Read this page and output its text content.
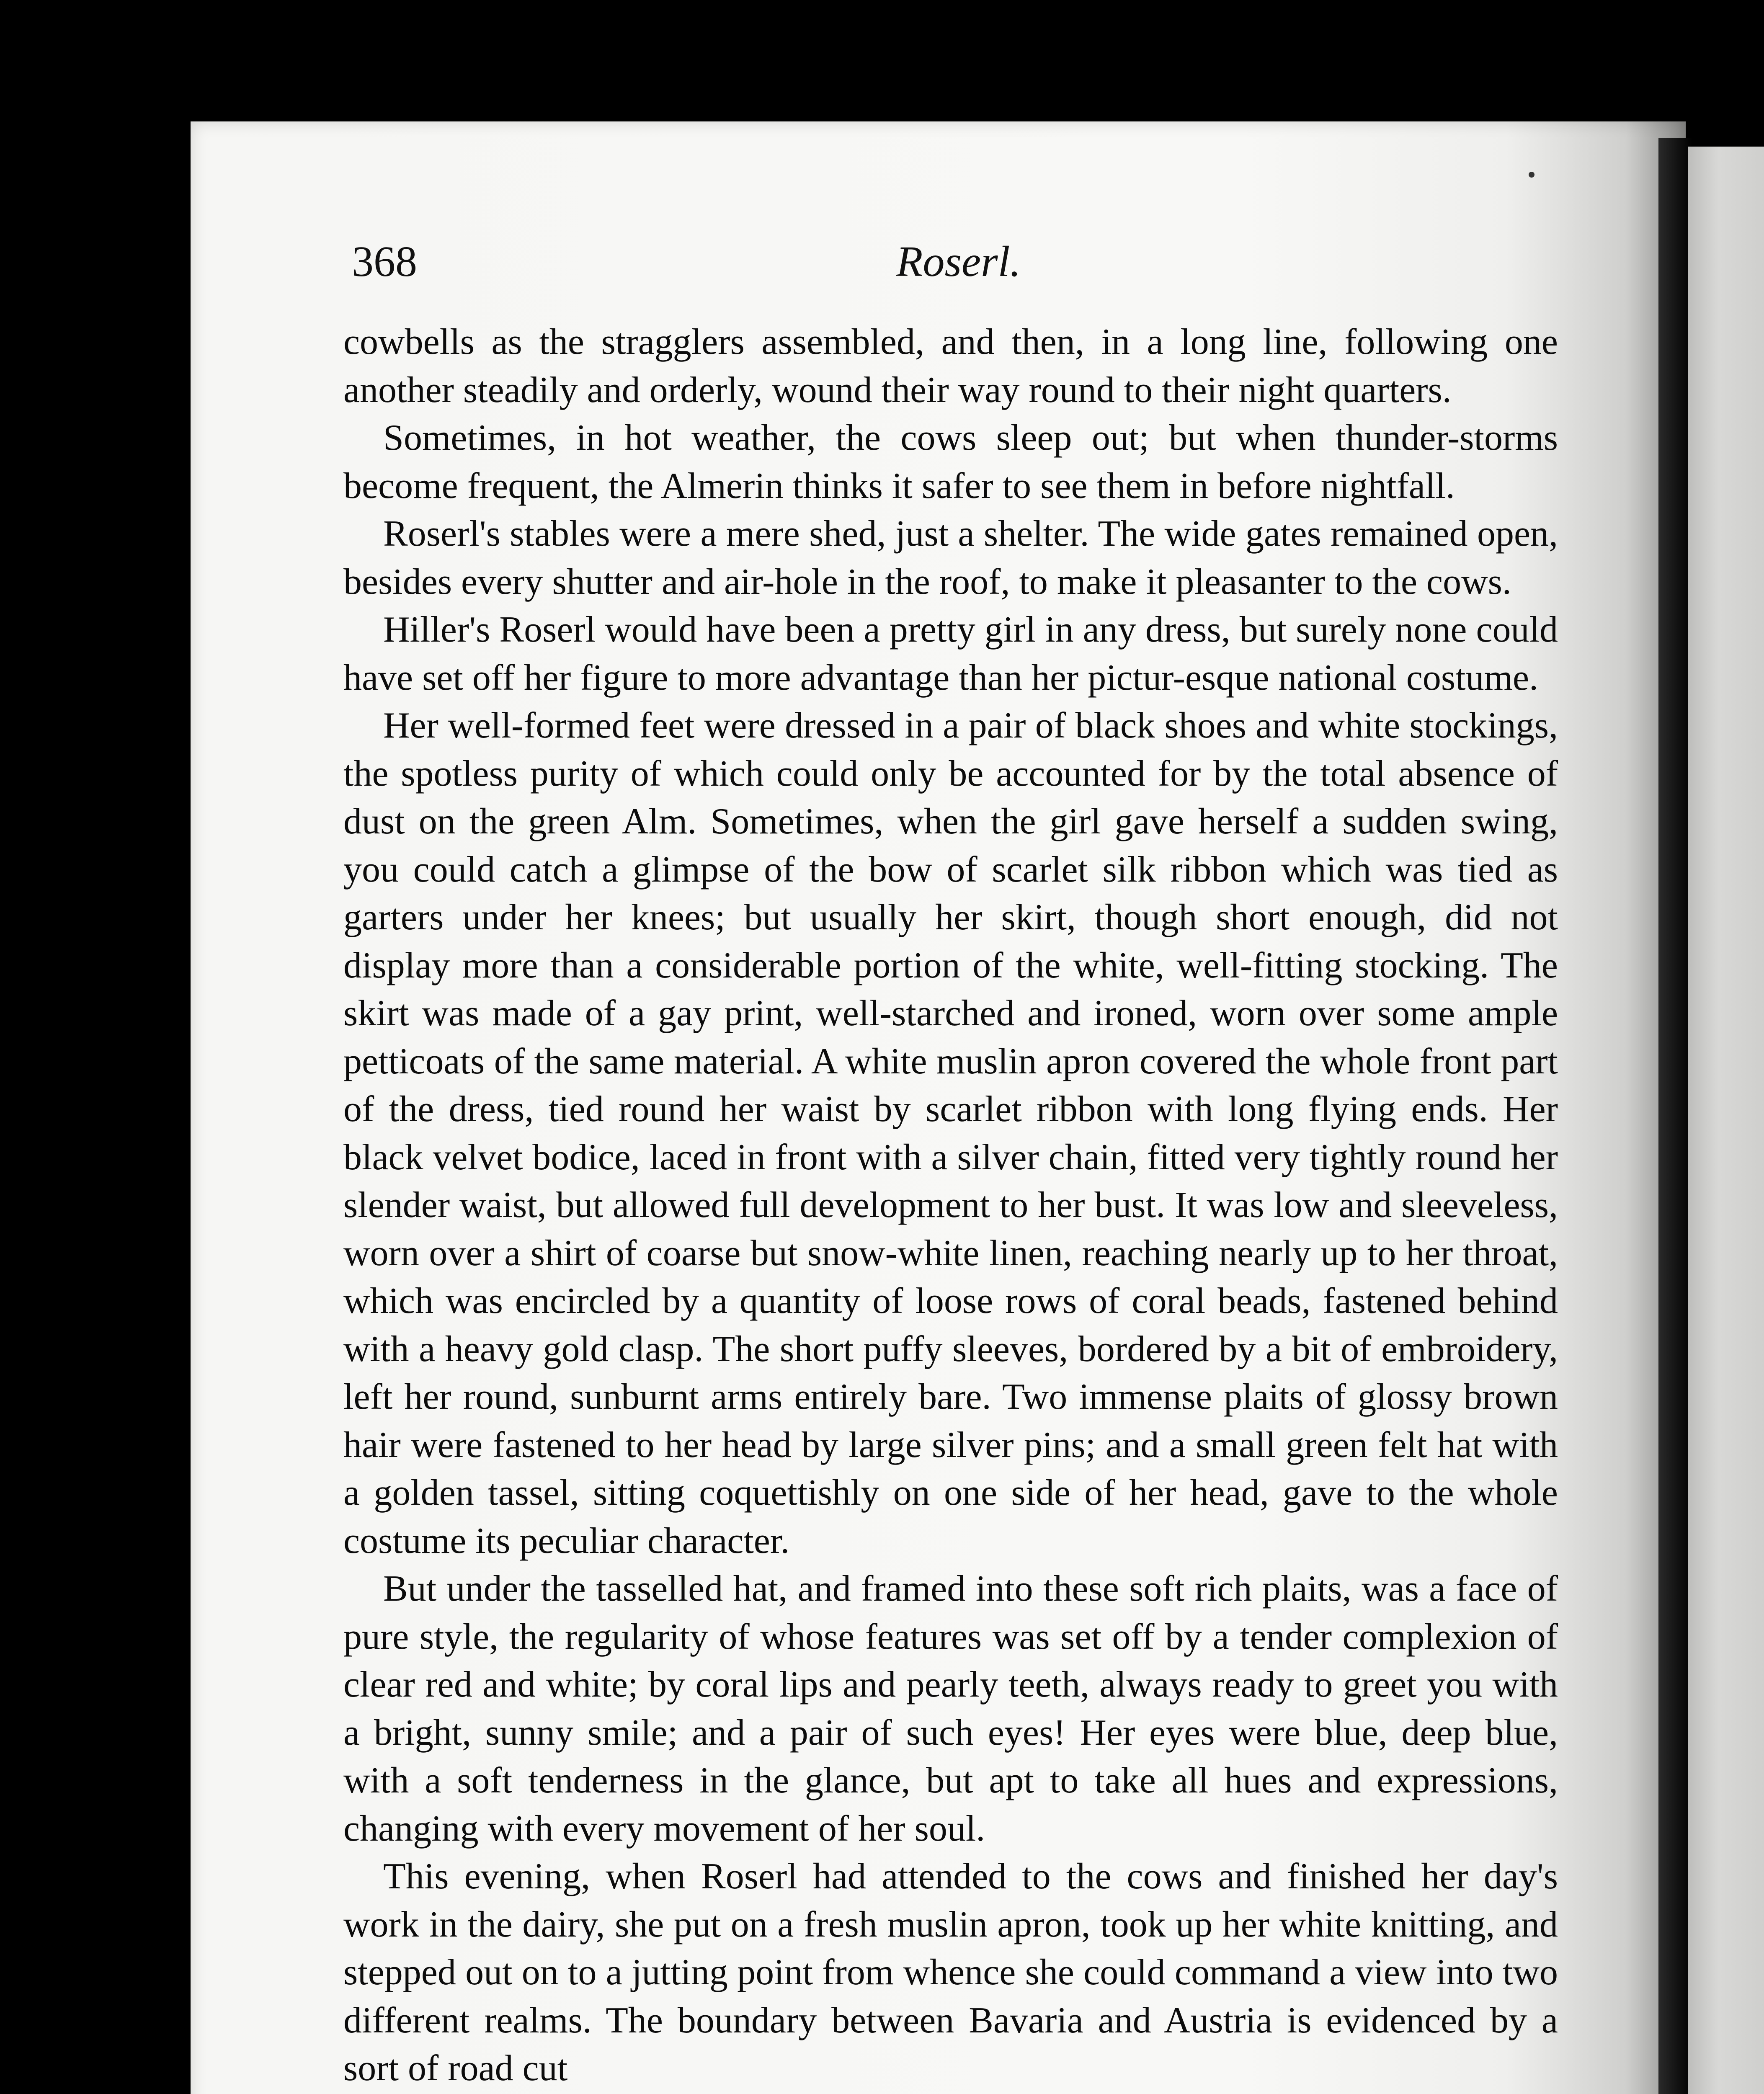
368	Roserl.

cowbells as the stragglers assembled, and then, in a long line, following one another steadily and orderly, wound their way round to their night quarters.

Sometimes, in hot weather, the cows sleep out; but when thunder-storms become frequent, the Almerin thinks it safer to see them in before nightfall.

Roserl's stables were a mere shed, just a shelter. The wide gates remained open, besides every shutter and air-hole in the roof, to make it pleasanter to the cows.

Hiller's Roserl would have been a pretty girl in any dress, but surely none could have set off her figure to more advantage than her pictur-esque national costume.

Her well-formed feet were dressed in a pair of black shoes and white stockings, the spotless purity of which could only be accounted for by the total absence of dust on the green Alm. Sometimes, when the girl gave herself a sudden swing, you could catch a glimpse of the bow of scarlet silk ribbon which was tied as garters under her knees; but usually her skirt, though short enough, did not display more than a considerable portion of the white, well-fitting stocking. The skirt was made of a gay print, well-starched and ironed, worn over some ample petticoats of the same material. A white muslin apron covered the whole front part of the dress, tied round her waist by scarlet ribbon with long flying ends. Her black velvet bodice, laced in front with a silver chain, fitted very tightly round her slender waist, but allowed full development to her bust. It was low and sleeveless, worn over a shirt of coarse but snow-white linen, reaching nearly up to her throat, which was encircled by a quantity of loose rows of coral beads, fastened behind with a heavy gold clasp. The short puffy sleeves, bordered by a bit of embroidery, left her round, sunburnt arms entirely bare. Two immense plaits of glossy brown hair were fastened to her head by large silver pins; and a small green felt hat with a golden tassel, sitting coquettishly on one side of her head, gave to the whole costume its peculiar character.

But under the tasselled hat, and framed into these soft rich plaits, was a face of pure style, the regularity of whose features was set off by a tender complexion of clear red and white; by coral lips and pearly teeth, always ready to greet you with a bright, sunny smile; and a pair of such eyes! Her eyes were blue, deep blue, with a soft tenderness in the glance, but apt to take all hues and expressions, changing with every movement of her soul.

This evening, when Roserl had attended to the cows and finished her day's work in the dairy, she put on a fresh muslin apron, took up her white knitting, and stepped out on to a jutting point from whence she could command a view into two different realms. The boundary between Bavaria and Austria is evidenced by a sort of road cut
